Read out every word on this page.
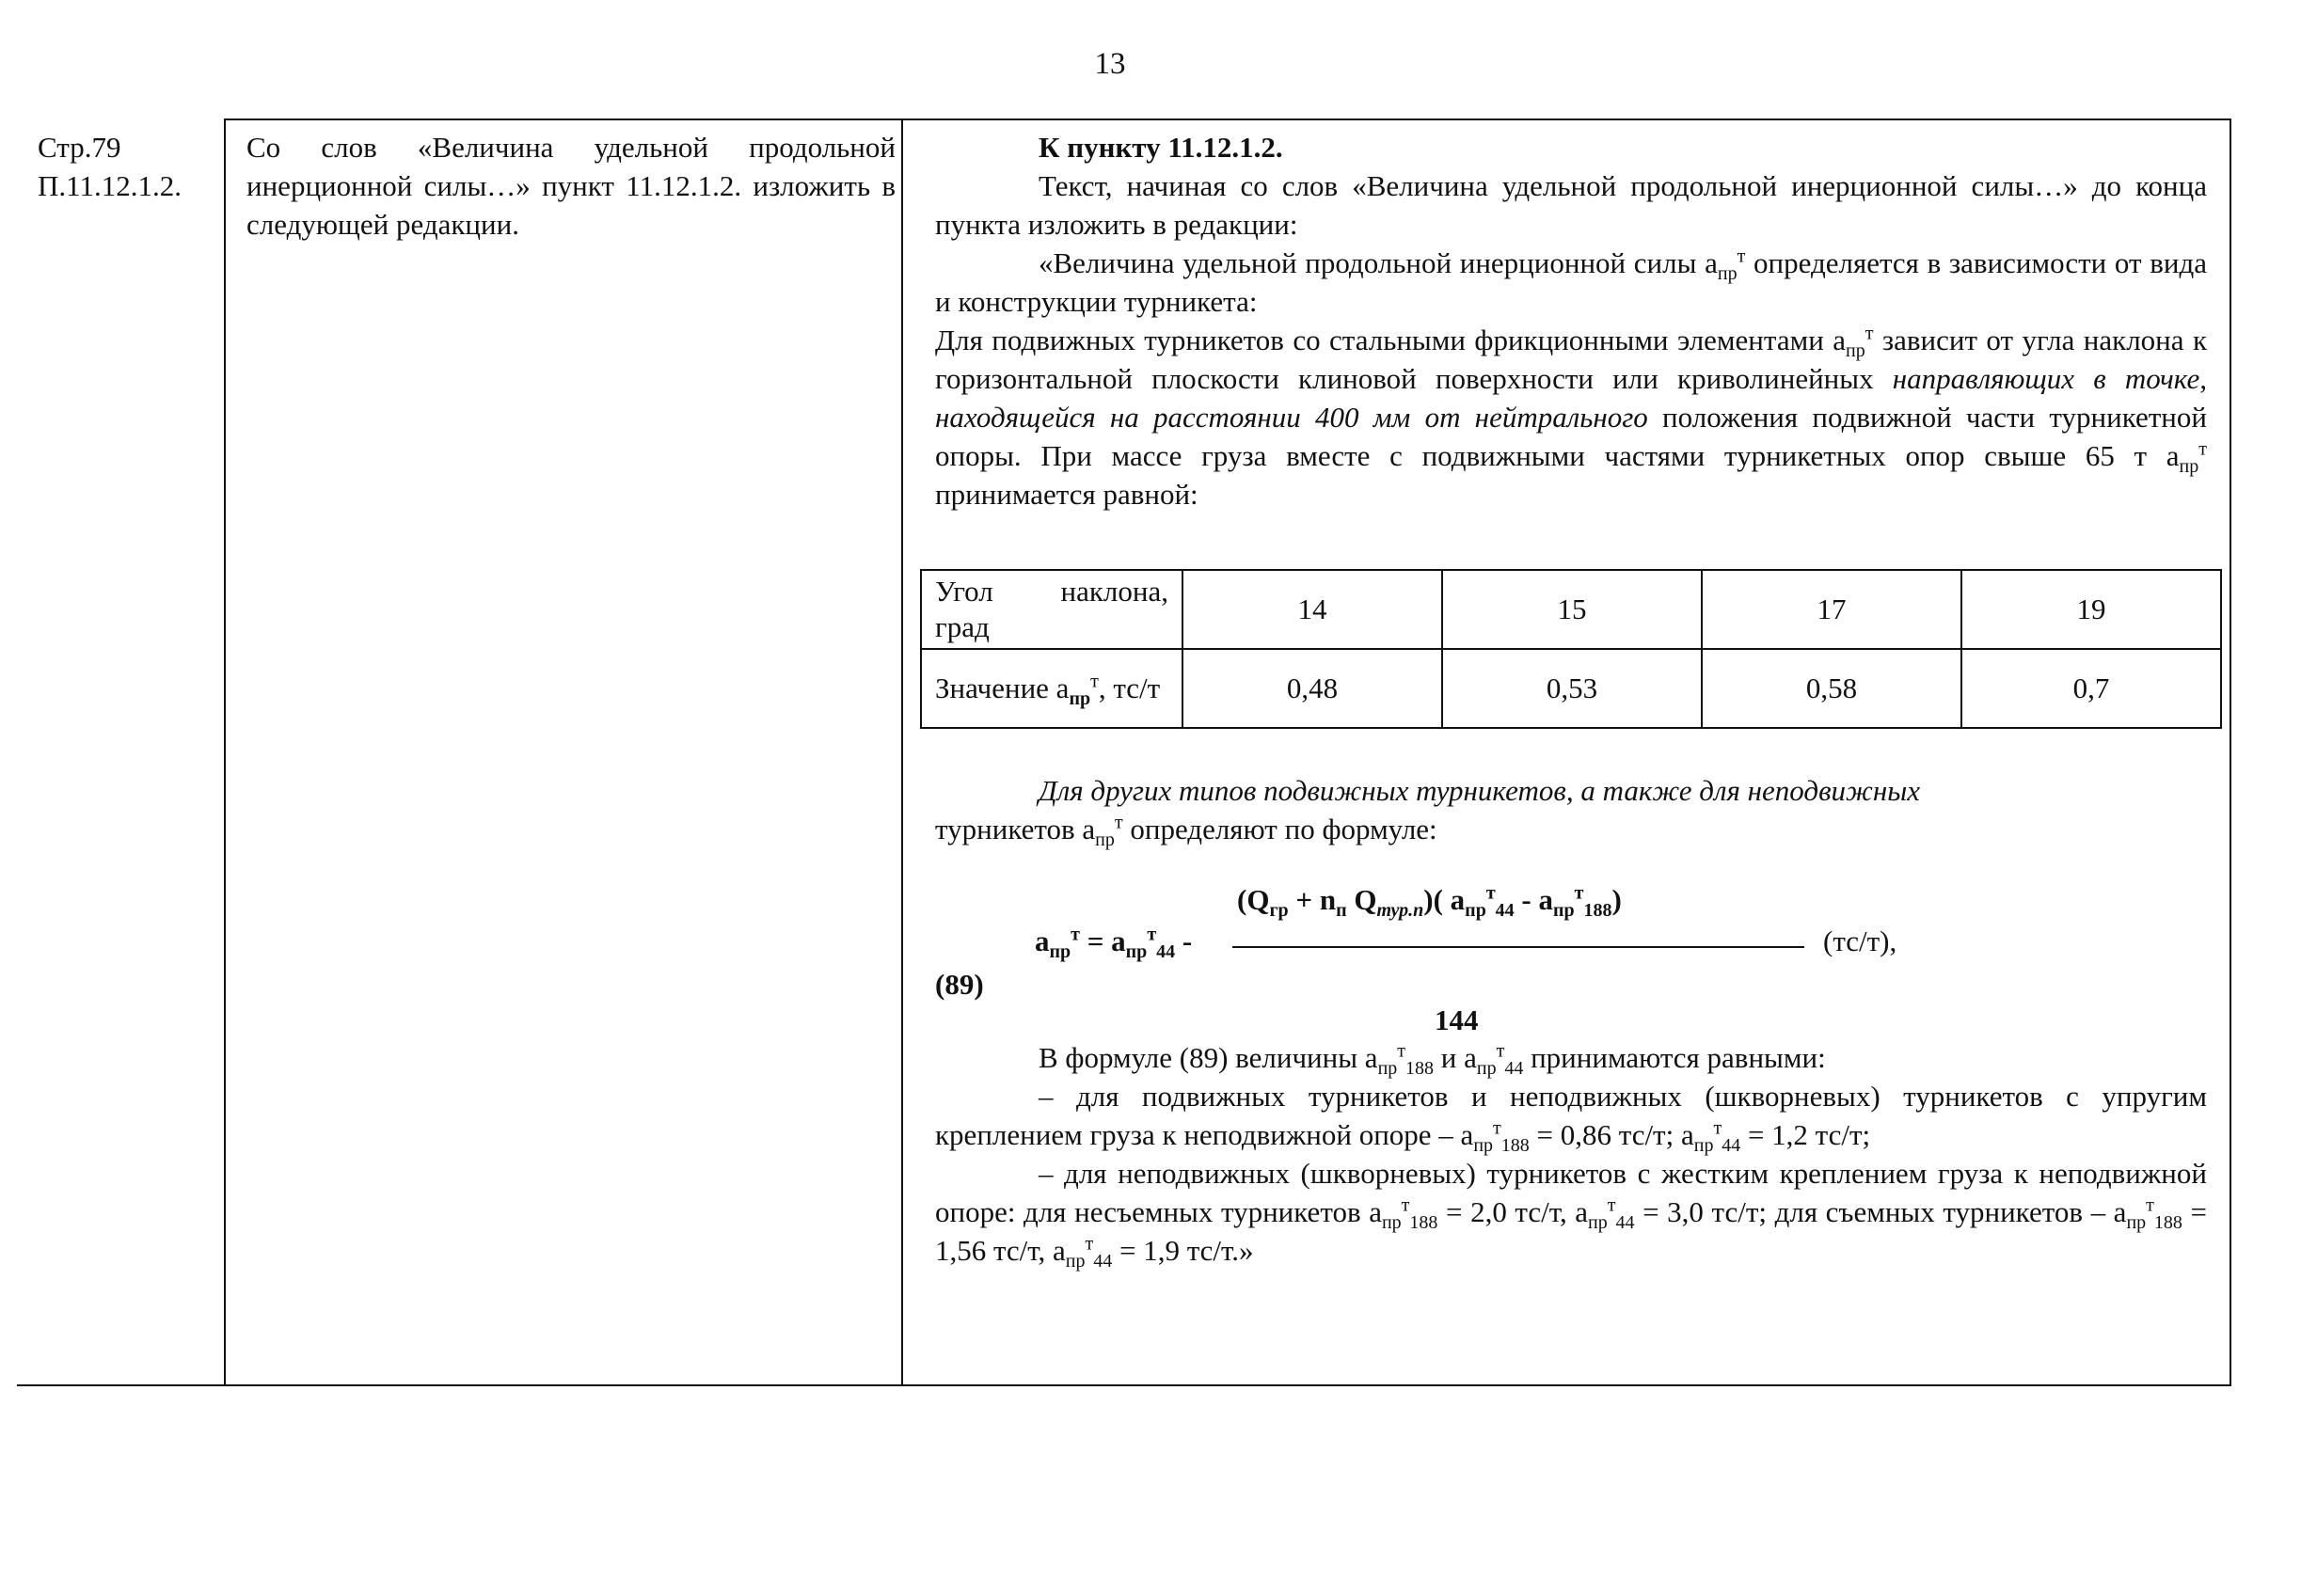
13
Стр.79
П.11.12.1.2.
Со слов «Величина удельной продольной инерционной силы…» пункт 11.12.1.2. изложить в следующей редакции.

К пункту 11.12.1.2.

Текст, начиная со слов «Величина удельной продольной инерционной силы…» до конца пункта изложить в редакции:

«Величина удельной продольной инерционной силы $a_{пр}^т$ определяется в зависимости от вида и конструкции турникета:

Для подвижных турникетов со стальными фрикционными элементами $a_{пр}^т$ зависит от угла наклона к горизонтальной плоскости клиновой поверхности или криволинейных направляющих в точке, находящейся на расстоянии 400 мм от нейтрального положения подвижной части турникетной опоры. При массе груза вместе с подвижными частями турникетных опор свыше 65 т $a_{пр}^т$ принимается равной:

Угол наклона, град	14	15	17	19
Значение $a_{пр}^т$, тс/т	0,48	0,53	0,58	0,7
Для других типов подвижных турникетов, а также для неподвижных
турникетов $a_{пр}^т$ определяют по формуле:
$a_{пр}^т = a_{пр}^т_{44}$ -
($Q_{гр} + n_п$ $Q_{тур.п}$)( $a_{пр}^т_{44} - a_{пр}^т_{188}$)
(тс/т),
(89)
144

В формуле (89) величины $a_{пр}^т_{188}$ и $a_{пр}^т_{44}$ принимаются равными:

– для подвижных турникетов и неподвижных (шкворневых) турникетов с упругим креплением груза к неподвижной опоре – $a_{пр}^т_{188} = 0,86$ тс/т; $a_{пр}^т_{44} = 1,2$ тс/т;

– для неподвижных (шкворневых) турникетов с жестким креплением груза к неподвижной опоре: для несъемных турникетов $a_{пр}^т_{188} = 2,0$ тс/т, $a_{пр}^т_{44} = 3,0$ тс/т; для съемных турникетов – $a_{пр}^т_{188} = 1,56$ тс/т, $a_{пр}^т_{44} = 1,9$ тс/т.»
